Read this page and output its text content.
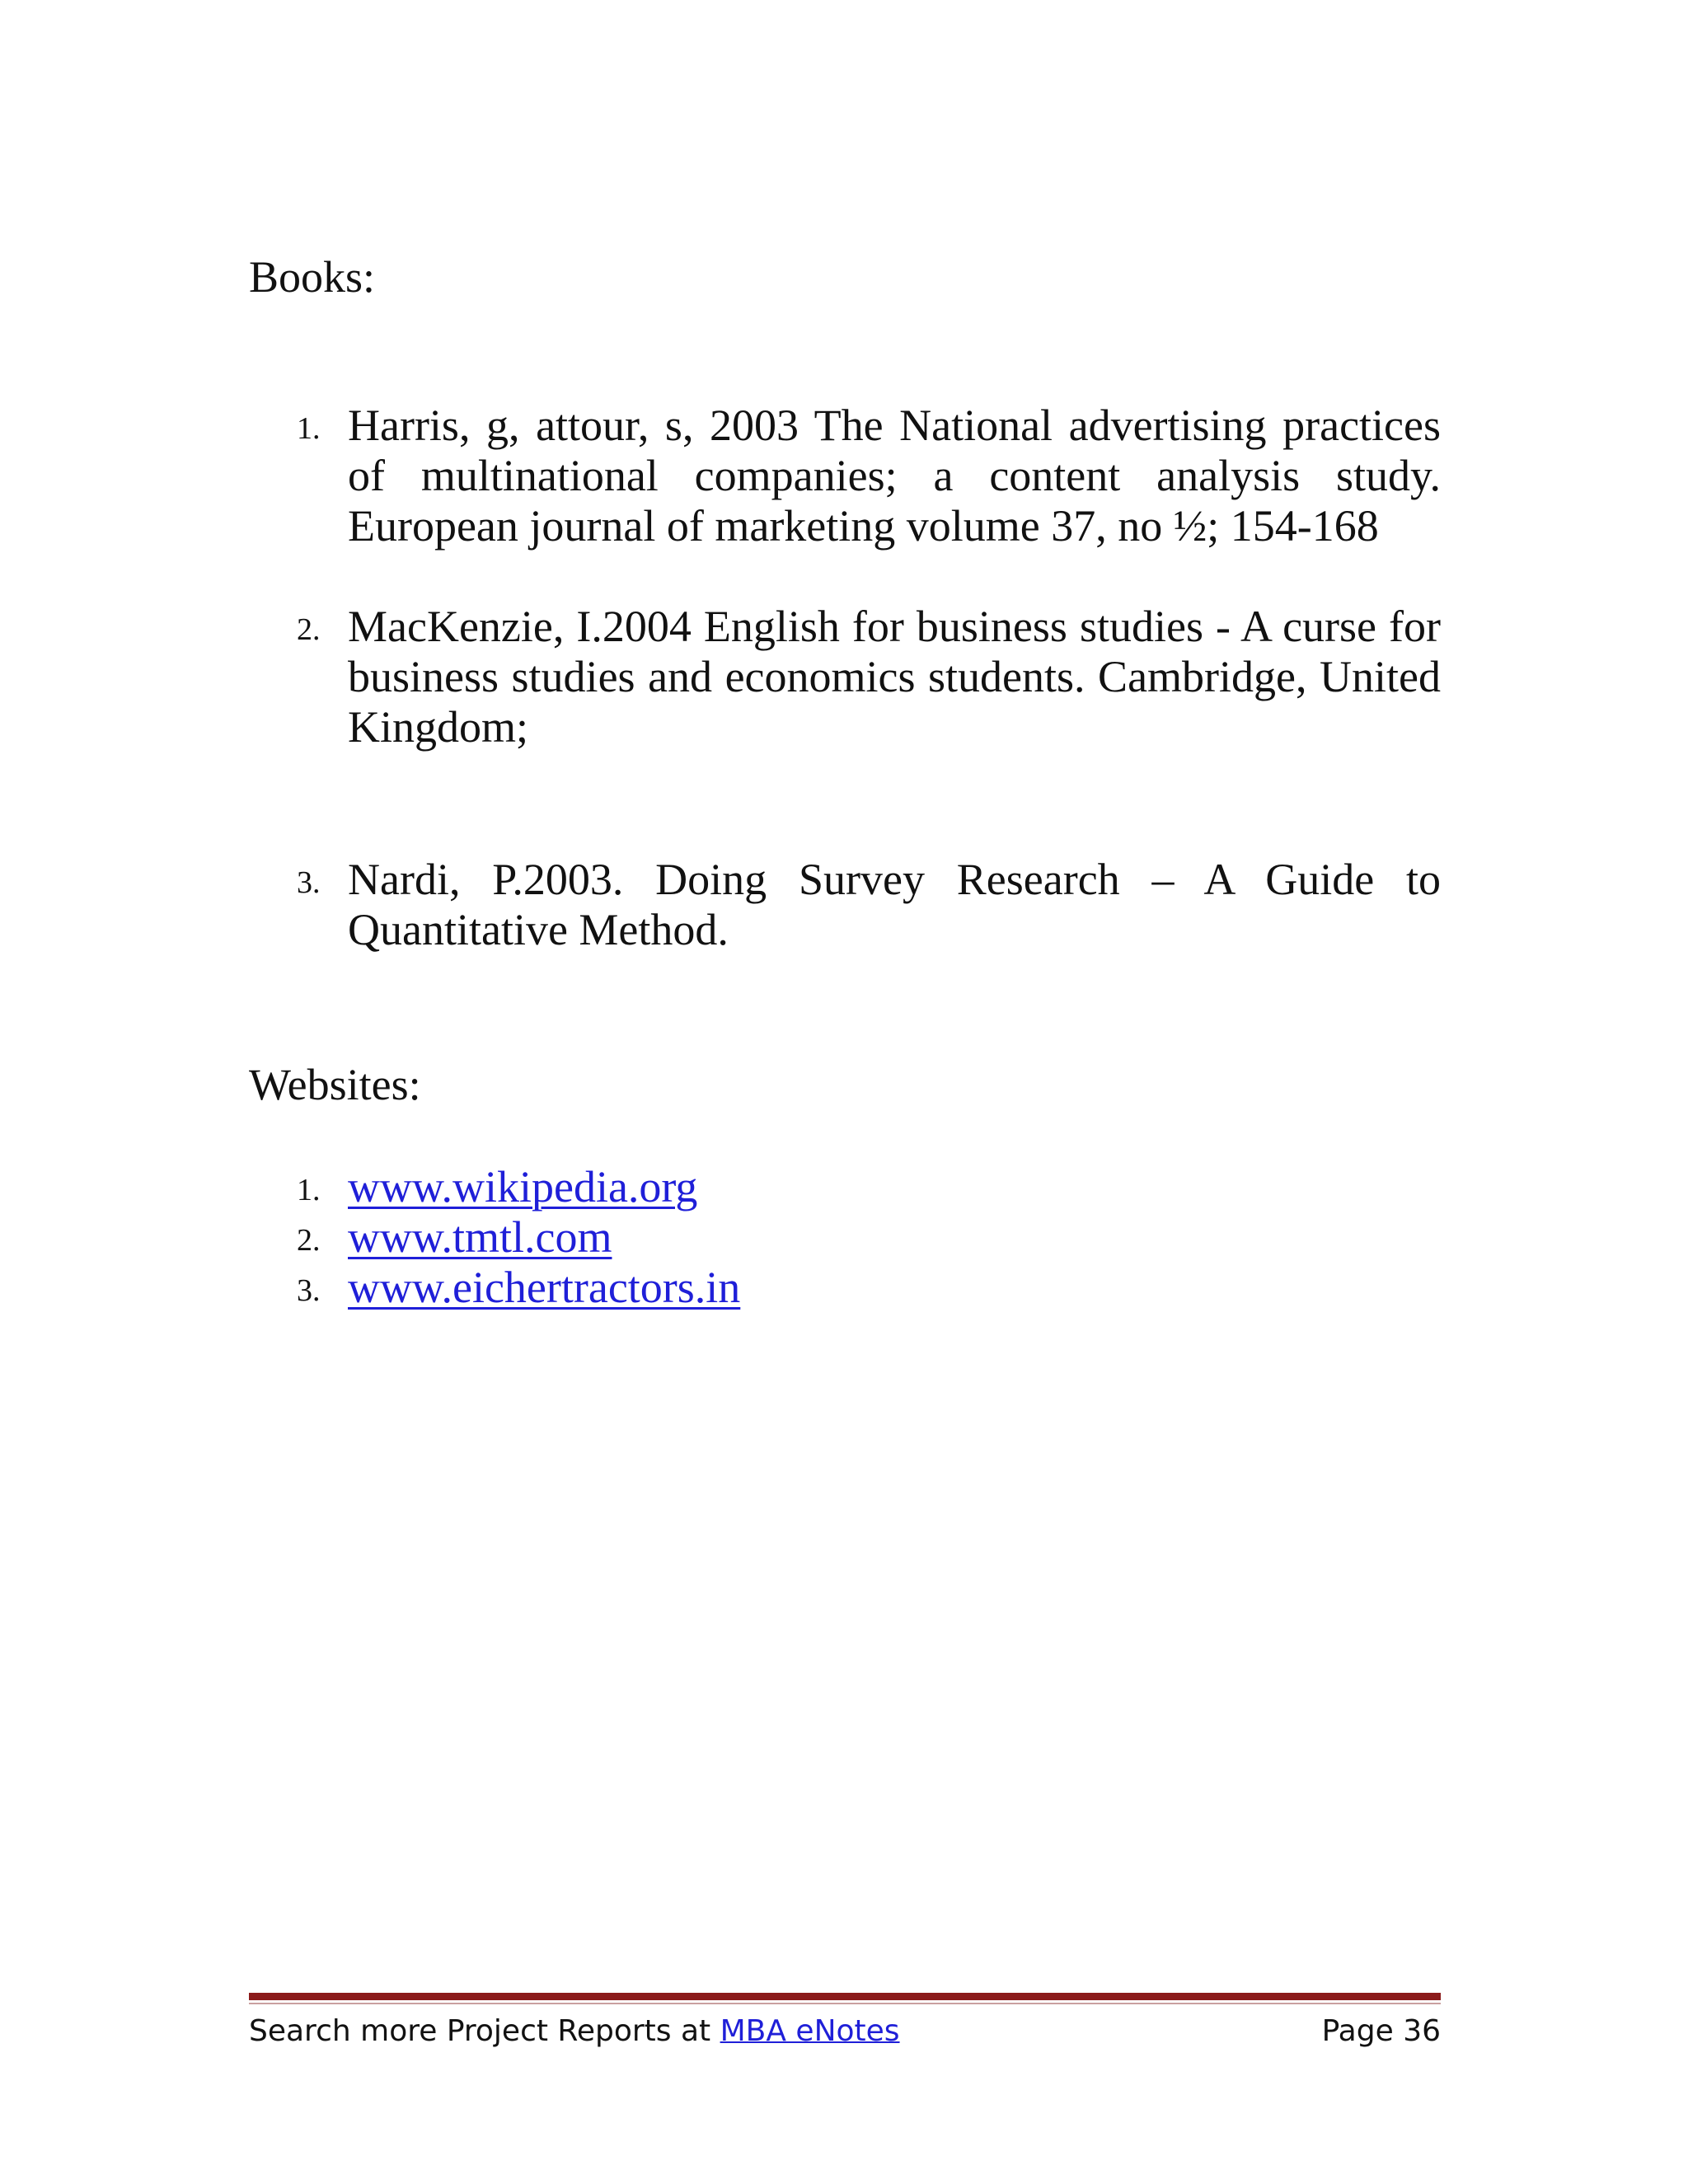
Books:
1. Harris, g, attour, s, 2003 The National advertising practices of multinational companies; a content analysis study. European journal of marketing volume 37, no ½; 154-168
2. MacKenzie, I.2004 English for business studies - A curse for business studies and economics students. Cambridge, United Kingdom;
3. Nardi, P.2003. Doing Survey Research – A Guide to Quantitative Method.
Websites:
1. www.wikipedia.org
2. www.tmtl.com
3. www.eichertractors.in
Search more Project Reports at MBA eNotes	Page 36
